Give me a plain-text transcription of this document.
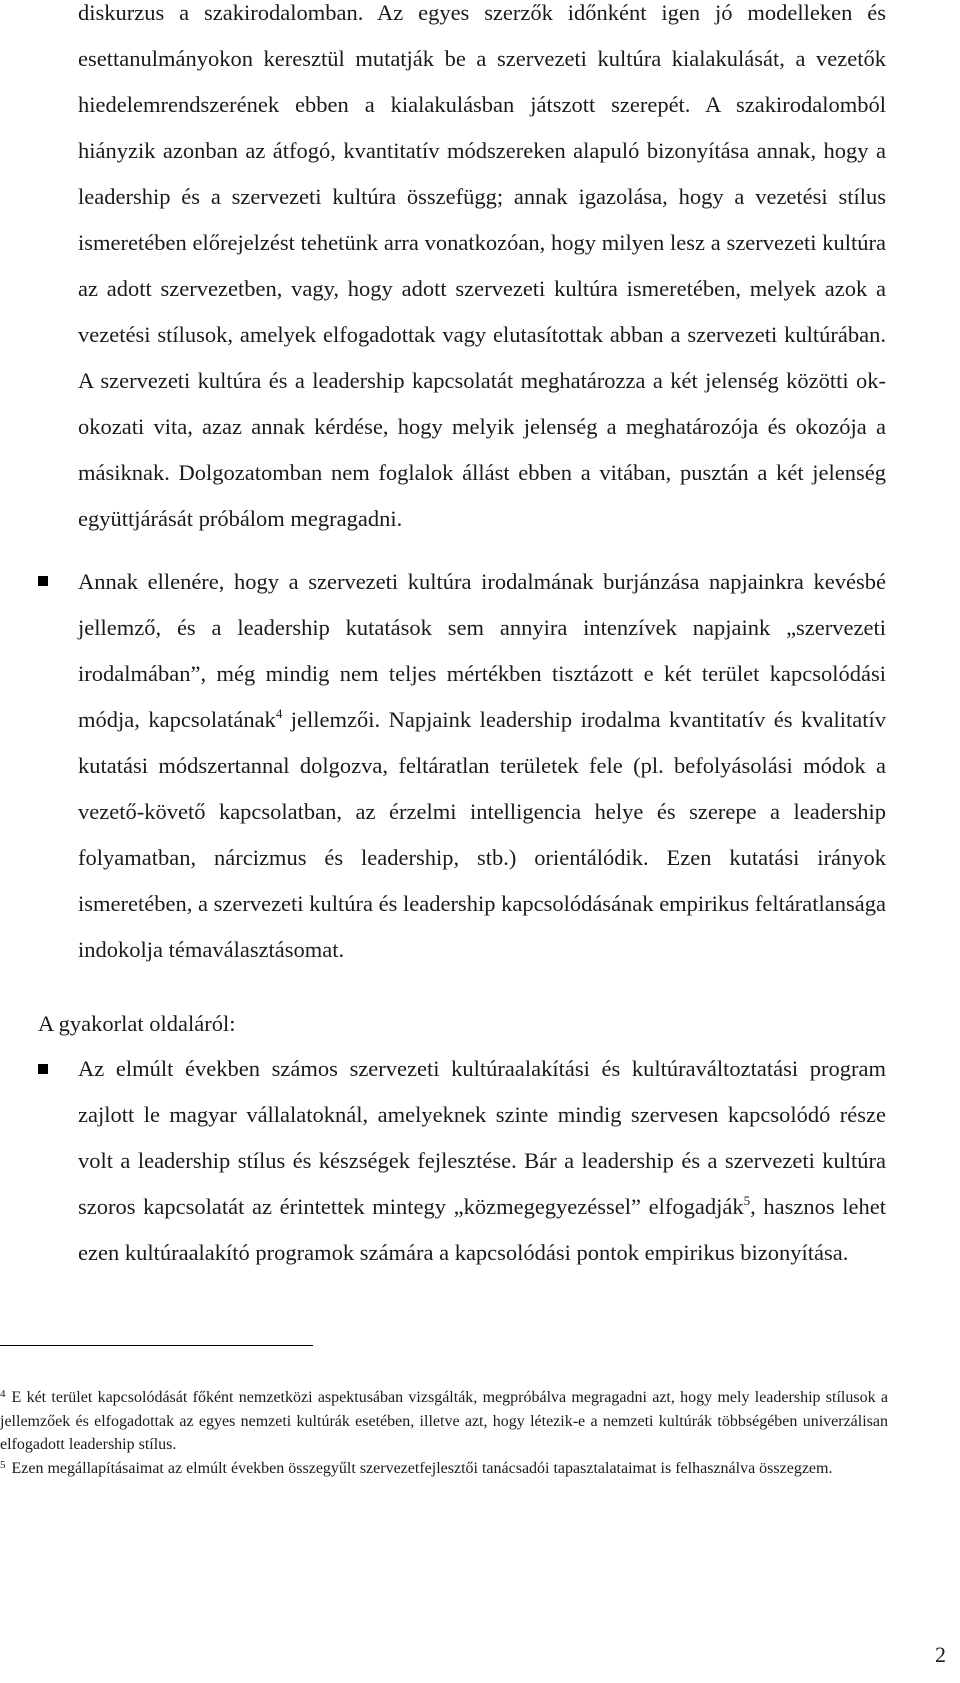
diskurzus a szakirodalomban. Az egyes szerzők időnként igen jó modelleken és esettanulmányokon keresztül mutatják be a szervezeti kultúra kialakulását, a vezetők hiedelemrendszerének ebben a kialakulásban játszott szerepét. A szakirodalomból hiányzik azonban az átfogó, kvantitatív módszereken alapuló bizonyítása annak, hogy a leadership és a szervezeti kultúra összefügg; annak igazolása, hogy a vezetési stílus ismeretében előrejelzést tehetünk arra vonatkozóan, hogy milyen lesz a szervezeti kultúra az adott szervezetben, vagy, hogy adott szervezeti kultúra ismeretében, melyek azok a vezetési stílusok, amelyek elfogadottak vagy elutasítottak abban a szervezeti kultúrában. A szervezeti kultúra és a leadership kapcsolatát meghatározza a két jelenség közötti ok-okozati vita, azaz annak kérdése, hogy melyik jelenség a meghatározója és okozója a másiknak. Dolgozatomban nem foglalok állást ebben a vitában, pusztán a két jelenség együttjárását próbálom megragadni.
Annak ellenére, hogy a szervezeti kultúra irodalmának burjánzása napjainkra kevésbé jellemző, és a leadership kutatások sem annyira intenzívek napjaink „szervezeti irodalmában”, még mindig nem teljes mértékben tisztázott e két terület kapcsolódási módja, kapcsolatának$^4$ jellemzői. Napjaink leadership irodalma kvantitatív és kvalitatív kutatási módszertannal dolgozva, feltáratlan területek fele (pl. befolyásolási módok a vezető-követő kapcsolatban, az érzelmi intelligencia helye és szerepe a leadership folyamatban, nárcizmus és leadership, stb.) orientálódik. Ezen kutatási irányok ismeretében, a szervezeti kultúra és leadership kapcsolódásának empirikus feltáratlansága indokolja témaválasztásomat.
A gyakorlat oldaláról:
Az elmúlt években számos szervezeti kultúraalakítási és kultúraváltoztatási program zajlott le magyar vállalatoknál, amelyeknek szinte mindig szervesen kapcsolódó része volt a leadership stílus és készségek fejlesztése. Bár a leadership és a szervezeti kultúra szoros kapcsolatát az érintettek mintegy „közmegegyezéssel” elfogadják$^5$, hasznos lehet ezen kultúraalakító programok számára a kapcsolódási pontok empirikus bizonyítása.

$^4$ E két terület kapcsolódását főként nemzetközi aspektusában vizsgálták, megpróbálva megragadni azt, hogy mely leadership stílusok a jellemzőek és elfogadottak az egyes nemzeti kultúrák esetében, illetve azt, hogy létezik-e a nemzeti kultúrák többségében univerzálisan elfogadott leadership stílus.

$^5$ Ezen megállapításaimat az elmúlt években összegyűlt szervezetfejlesztői tanácsadói tapasztalataimat is felhasználva összegzem.

2
